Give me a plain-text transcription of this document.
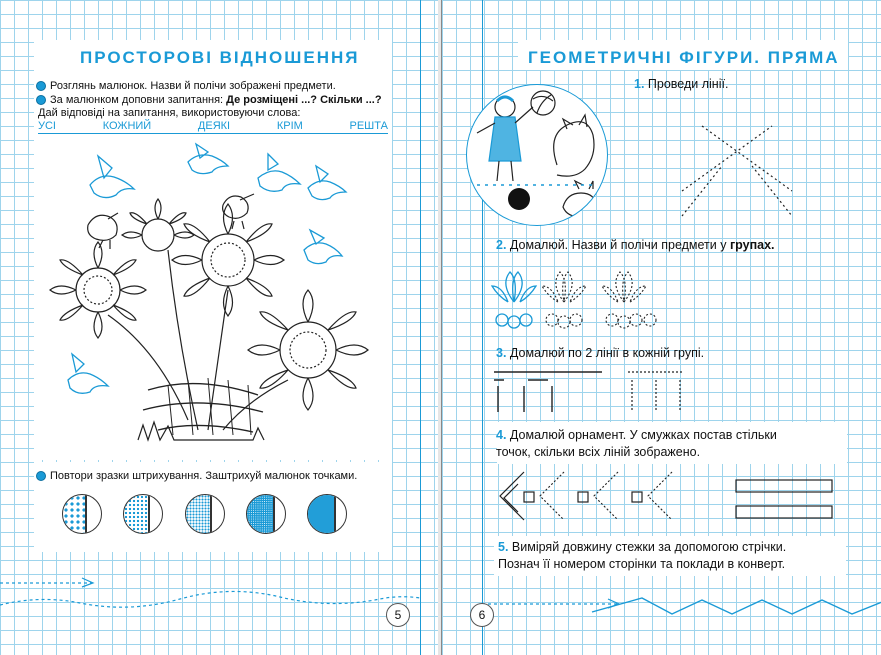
ПРОСТОРОВІ ВІДНОШЕННЯ
Розглянь малюнок. Назви й полічи зображені предмети.
За малюнком доповни запитання: Де розміщені ...? Скільки ...?
Дай відповіді на запитання, використовуючи слова:
УСІ	КОЖНИЙ	ДЕЯКІ	КРІМ	РЕШТА
Повтори зразки штрихування. Заштрихуй малюнок точками.
5
ГЕОМЕТРИЧНІ ФІГУРИ. ПРЯМА
1. Проведи лінії.
2. Домалюй. Назви й полічи предмети у групах.
3. Домалюй по 2 лінії в кожній групі.
4. Домалюй орнамент. У смужках постав стільки
точок, скільки всіх ліній зображено.
5. Виміряй довжину стежки за допомогою стрічки.
Познач її номером сторінки та поклади в конверт.
6
